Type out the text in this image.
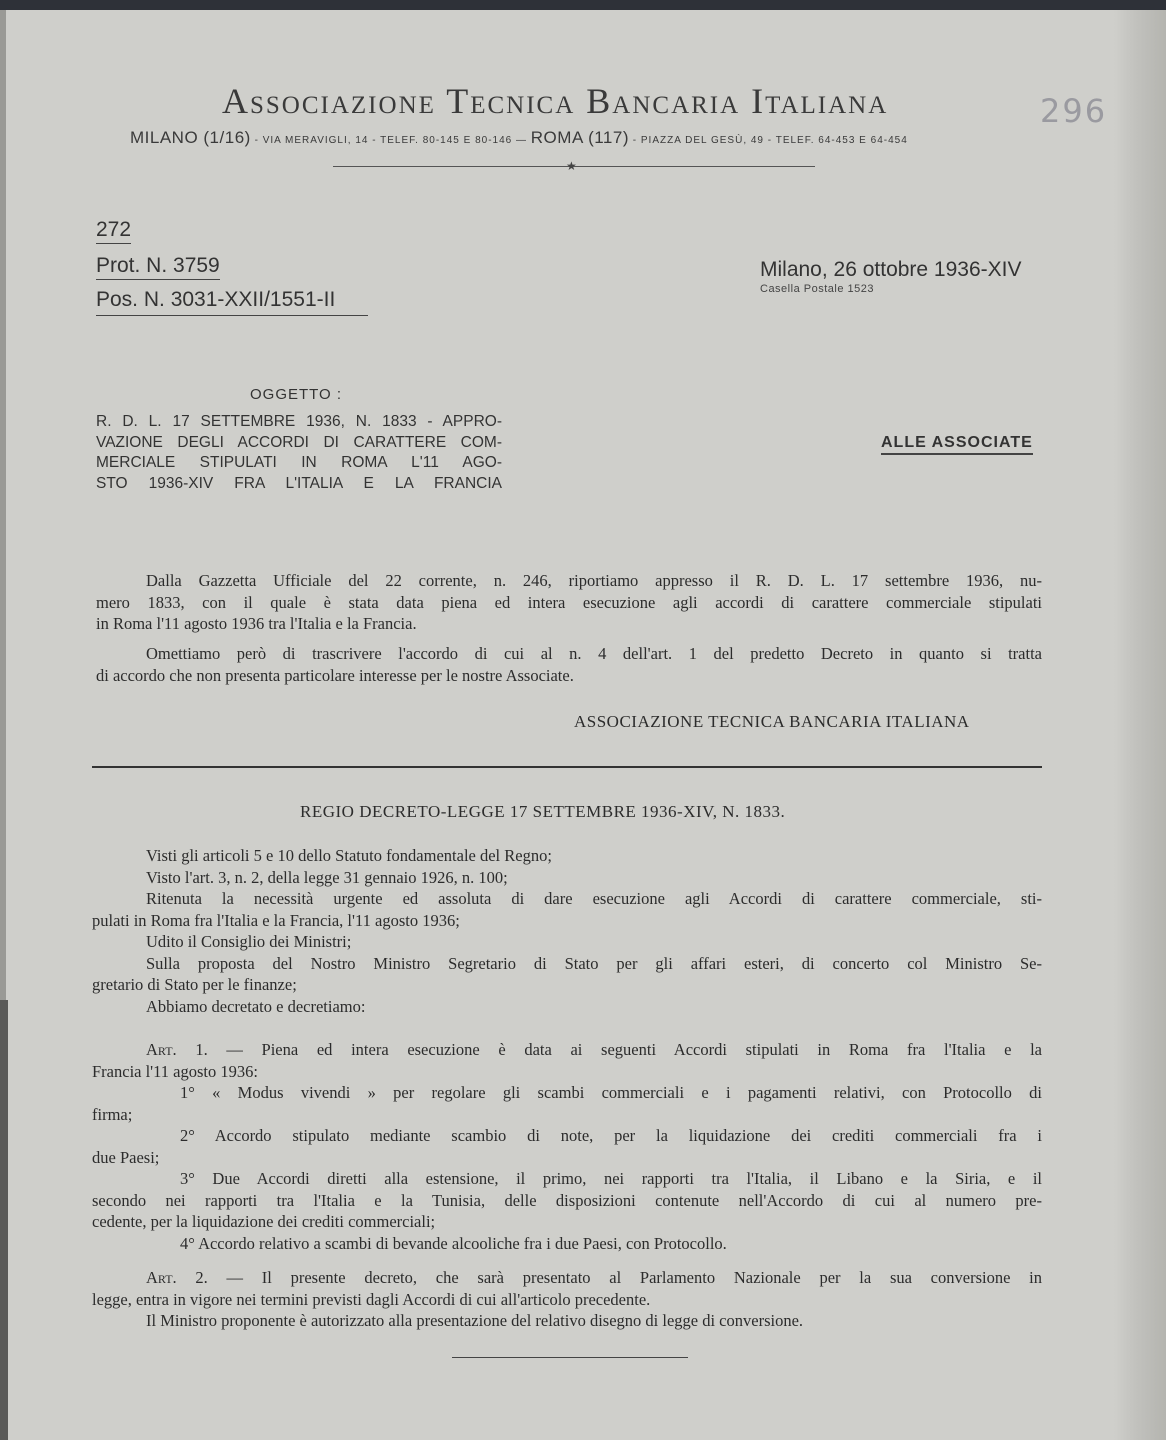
Associazione Tecnica Bancaria Italiana
MILANO (1/16) - VIA MERAVIGLI, 14 - TELEF. 80-145 E 80-146 — ROMA (117) - PIAZZA DEL GESÙ, 49 - TELEF. 64-453 E 64-454
★
296
272
Prot. N. 3759
Pos. N. 3031-XXII/1551-II
Milano, 26 ottobre 1936-XIV
Casella Postale 1523
OGGETTO :
R. D. L. 17 SETTEMBRE 1936, N. 1833 - APPRO-
VAZIONE DEGLI ACCORDI DI CARATTERE COM-
MERCIALE STIPULATI IN ROMA L'11 AGO-
STO 1936-XIV FRA L'ITALIA E LA FRANCIA
ALLE ASSOCIATE
Dalla Gazzetta Ufficiale del 22 corrente, n. 246, riportiamo appresso il R. D. L. 17 settembre 1936, nu-
mero 1833, con il quale è stata data piena ed intera esecuzione agli accordi di carattere commerciale stipulati
in Roma l'11 agosto 1936 tra l'Italia e la Francia.
Omettiamo però di trascrivere l'accordo di cui al n. 4 dell'art. 1 del predetto Decreto in quanto si tratta
di accordo che non presenta particolare interesse per le nostre Associate.
ASSOCIAZIONE TECNICA BANCARIA ITALIANA
REGIO DECRETO-LEGGE 17 SETTEMBRE 1936-XIV, N. 1833.
Visti gli articoli 5 e 10 dello Statuto fondamentale del Regno;
Visto l'art. 3, n. 2, della legge 31 gennaio 1926, n. 100;
Ritenuta la necessità urgente ed assoluta di dare esecuzione agli Accordi di carattere commerciale, sti-
pulati in Roma fra l'Italia e la Francia, l'11 agosto 1936;
Udito il Consiglio dei Ministri;
Sulla proposta del Nostro Ministro Segretario di Stato per gli affari esteri, di concerto col Ministro Se-
gretario di Stato per le finanze;
Abbiamo decretato e decretiamo:
Art. 1. — Piena ed intera esecuzione è data ai seguenti Accordi stipulati in Roma fra l'Italia e la
Francia l'11 agosto 1936:
1° « Modus vivendi » per regolare gli scambi commerciali e i pagamenti relativi, con Protocollo di
firma;
2° Accordo stipulato mediante scambio di note, per la liquidazione dei crediti commerciali fra i
due Paesi;
3° Due Accordi diretti alla estensione, il primo, nei rapporti tra l'Italia, il Libano e la Siria, e il
secondo nei rapporti tra l'Italia e la Tunisia, delle disposizioni contenute nell'Accordo di cui al numero pre-
cedente, per la liquidazione dei crediti commerciali;
4° Accordo relativo a scambi di bevande alcooliche fra i due Paesi, con Protocollo.
Art. 2. — Il presente decreto, che sarà presentato al Parlamento Nazionale per la sua conversione in
legge, entra in vigore nei termini previsti dagli Accordi di cui all'articolo precedente.
Il Ministro proponente è autorizzato alla presentazione del relativo disegno di legge di conversione.
